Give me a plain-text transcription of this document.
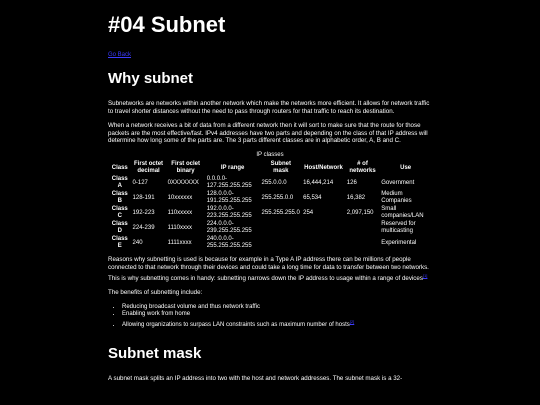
#04 Subnet
Go Back
Why subnet

Subnetworks are networks within another network which make the networks more efficient. It allows for network traffic to travel shorter distances without the need to pass through routers for that traffic to reach its destination.

When a network receives a bit of data from a different network then it will sort to make sure that the route for those packets are the most effective/fast. IPv4 addresses have two parts and depending on the class of that IP address will determine how long some of the parts are. The 3 parts different classes are in alphabetic order, A, B and C.

IP classes
Class	First octet decimal	First oclet binary	IP range	Subnet mask	Host/Network	# of networks	Use
Class A	0-127	0XXXXXXX	0.0.0.0-127.255.255.255	255.0.0.0	16,444,214	126	Government
Class B	128-191	10xxxxxx	128.0.0.0-191.255.255.255	255.255.0.0	65,534	16,382	Medium Companies
Class C	192-223	110xxxxx	192.0.0.0-223.255.255.255	255.255.255.0	254	2,097,150	Small companies/LAN
Class D	224-239	1110xxxx	224.0.0.0-239.255.255.255				Reserved for multicasting
Class E	240	1111xxxx	240.0.0.0-255.255.255.255				Experimental

Reasons why subnetting is used is because for example in a Type A IP address there can be millions of people connected to that network through their devices and could take a long time for data to transfer between two networks. This is why subnetting comes in handy: subnetting narrows down the IP address to usage within a range of devices[1]

The benefits of subnetting include:

• Reducing broadcast volume and thus network traffic
• Enabling work from home
• Allowing organizations to surpass LAN constraints such as maximum number of hosts[2]
Subnet mask

A subnet mask splits an IP address into two with the host and network addresses. The subnet mask is a 32-
